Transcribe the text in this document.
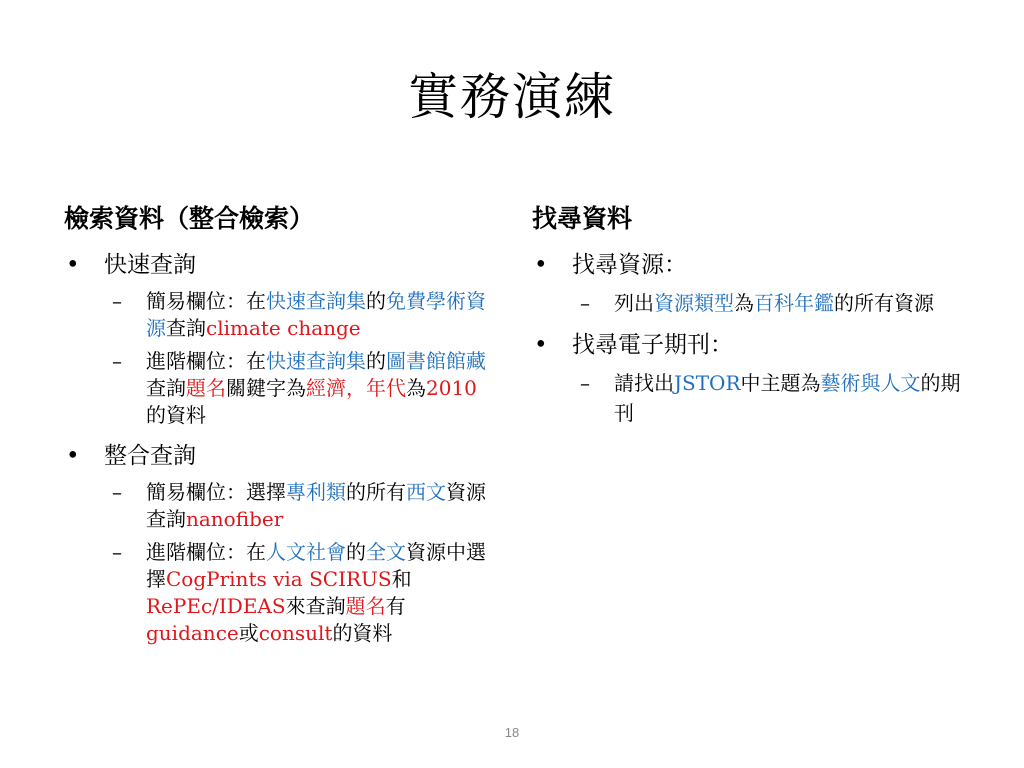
實務演練

檢索資料（整合檢索）

• 快速查詢
– 簡易欄位：在快速查詢集的免費學術資源查詢climate change
– 進階欄位：在快速查詢集的圖書館館藏查詢題名關鍵字為經濟，年代為2010的資料
• 整合查詢
– 簡易欄位：選擇專利類的所有西文資源查詢nanofiber
– 進階欄位：在人文社會的全文資源中選擇CogPrints via SCIRUS和RePEc/IDEAS來查詢題名有guidance或consult的資料

找尋資料

• 找尋資源：
– 列出資源類型為百科年鑑的所有資源
• 找尋電子期刊：
– 請找出JSTOR中主題為藝術與人文的期刊
18
